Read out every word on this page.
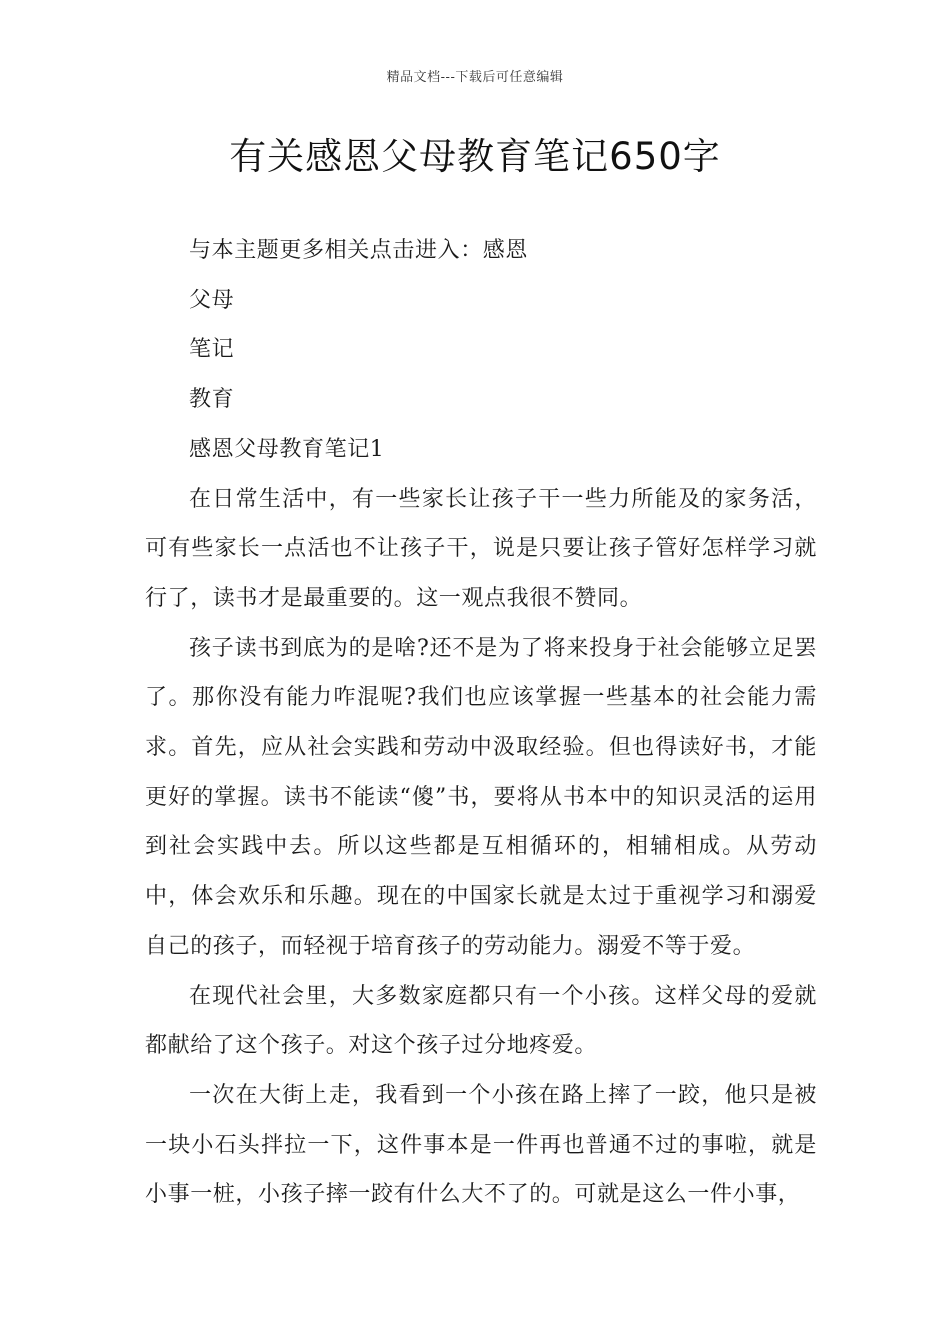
精品文档---下载后可任意编辑
有关感恩父母教育笔记650字

与本主题更多相关点击进入：感恩

父母

笔记

教育

感恩父母教育笔记1

在日常生活中，有一些家长让孩子干一些力所能及的家务活，可有些家长一点活也不让孩子干，说是只要让孩子管好怎样学习就行了，读书才是最重要的。这一观点我很不赞同。

孩子读书到底为的是啥?还不是为了将来投身于社会能够立足罢了。那你没有能力咋混呢?我们也应该掌握一些基本的社会能力需求。首先，应从社会实践和劳动中汲取经验。但也得读好书，才能更好的掌握。读书不能读“傻”书，要将从书本中的知识灵活的运用到社会实践中去。所以这些都是互相循环的，相辅相成。从劳动中，体会欢乐和乐趣。现在的中国家长就是太过于重视学习和溺爱自己的孩子，而轻视于培育孩子的劳动能力。溺爱不等于爱。

在现代社会里，大多数家庭都只有一个小孩。这样父母的爱就都献给了这个孩子。对这个孩子过分地疼爱。

一次在大街上走，我看到一个小孩在路上摔了一跤，他只是被一块小石头拌拉一下，这件事本是一件再也普通不过的事啦，就是小事一桩，小孩子摔一跤有什么大不了的。可就是这么一件小事，
